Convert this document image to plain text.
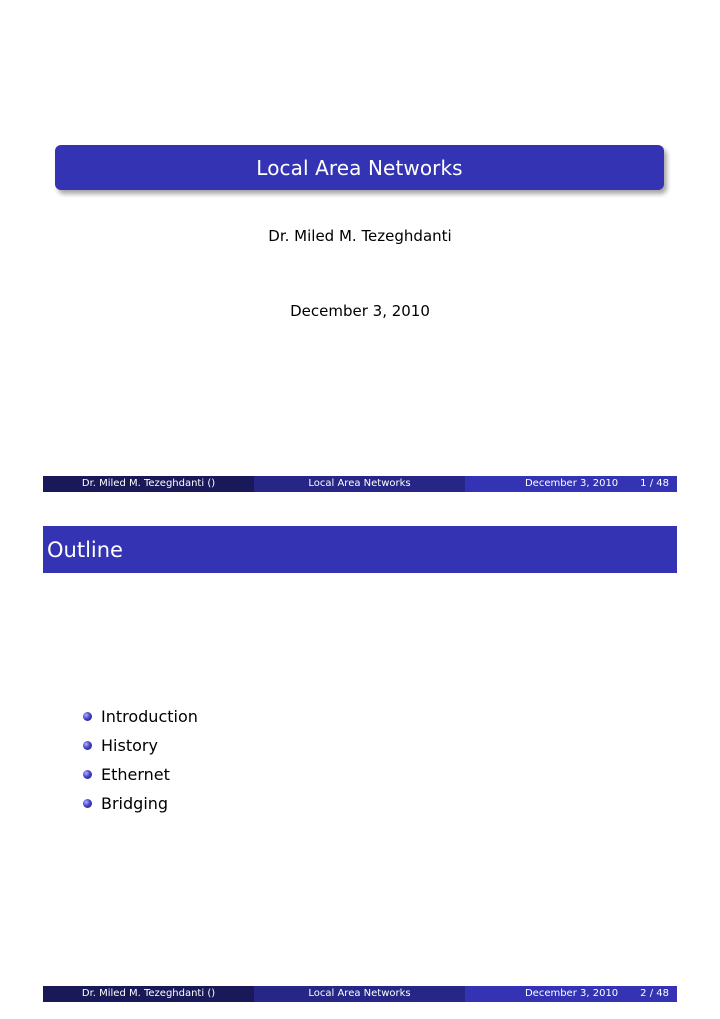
Local Area Networks
Dr. Miled M. Tezeghdanti
December 3, 2010
Dr. Miled M. Tezeghdanti ()	Local Area Networks	December 3, 2010 1 / 48
Outline
Introduction
History
Ethernet
Bridging
Dr. Miled M. Tezeghdanti ()	Local Area Networks	December 3, 2010 2 / 48
